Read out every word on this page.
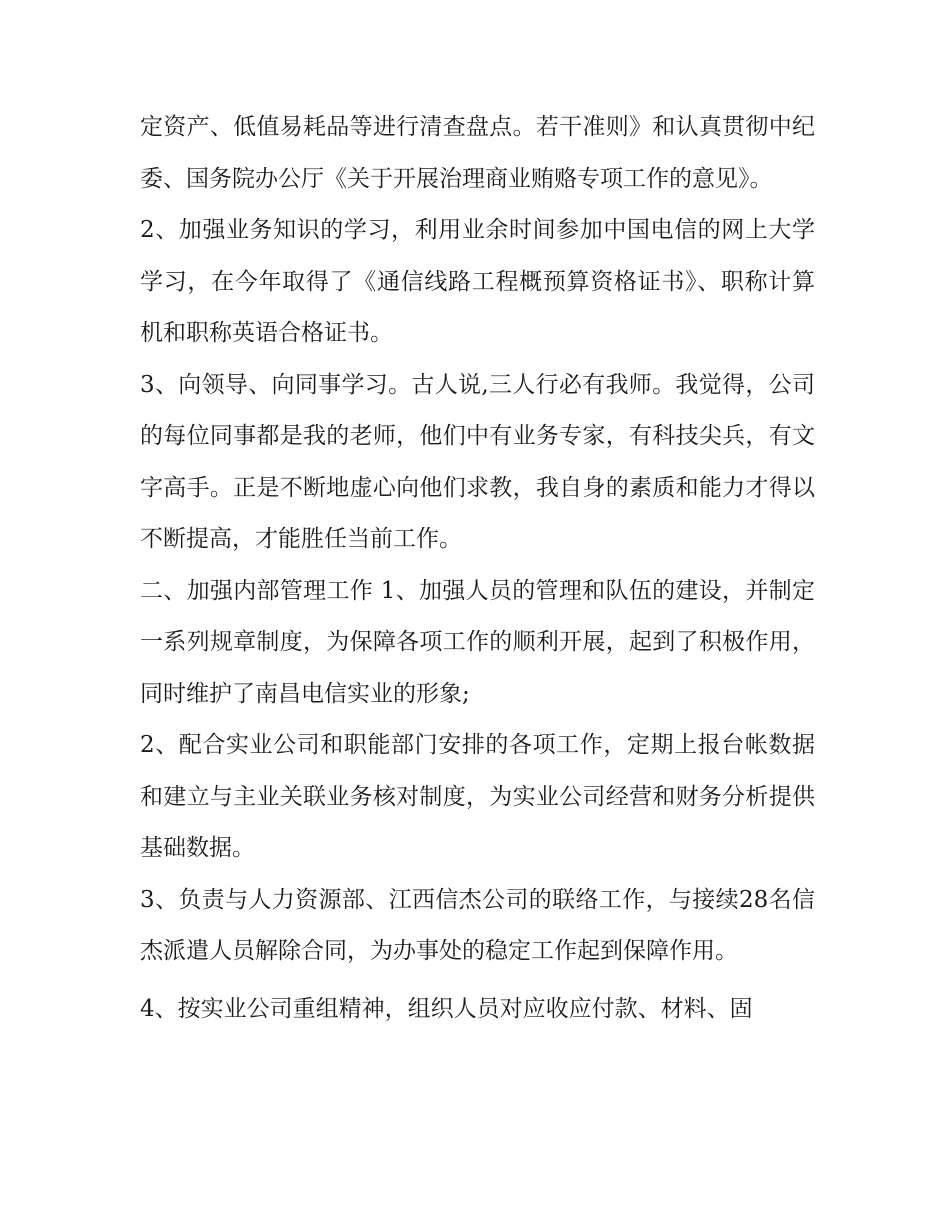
定资产、低值易耗品等进行清查盘点。若干准则》和认真贯彻中纪委、国务院办公厅《关于开展治理商业贿赂专项工作的意见》。

2、加强业务知识的学习，利用业余时间参加中国电信的网上大学学习，在今年取得了《通信线路工程概预算资格证书》、职称计算机和职称英语合格证书。

3、向领导、向同事学习。古人说,三人行必有我师。我觉得，公司的每位同事都是我的老师，他们中有业务专家，有科技尖兵，有文字高手。正是不断地虚心向他们求教，我自身的素质和能力才得以不断提高，才能胜任当前工作。

二、加强内部管理工作 1、加强人员的管理和队伍的建设，并制定一系列规章制度，为保障各项工作的顺利开展，起到了积极作用，同时维护了南昌电信实业的形象;

2、配合实业公司和职能部门安排的各项工作，定期上报台帐数据和建立与主业关联业务核对制度，为实业公司经营和财务分析提供基础数据。

3、负责与人力资源部、江西信杰公司的联络工作，与接续28名信杰派遣人员解除合同，为办事处的稳定工作起到保障作用。

4、按实业公司重组精神，组织人员对应收应付款、材料、固
